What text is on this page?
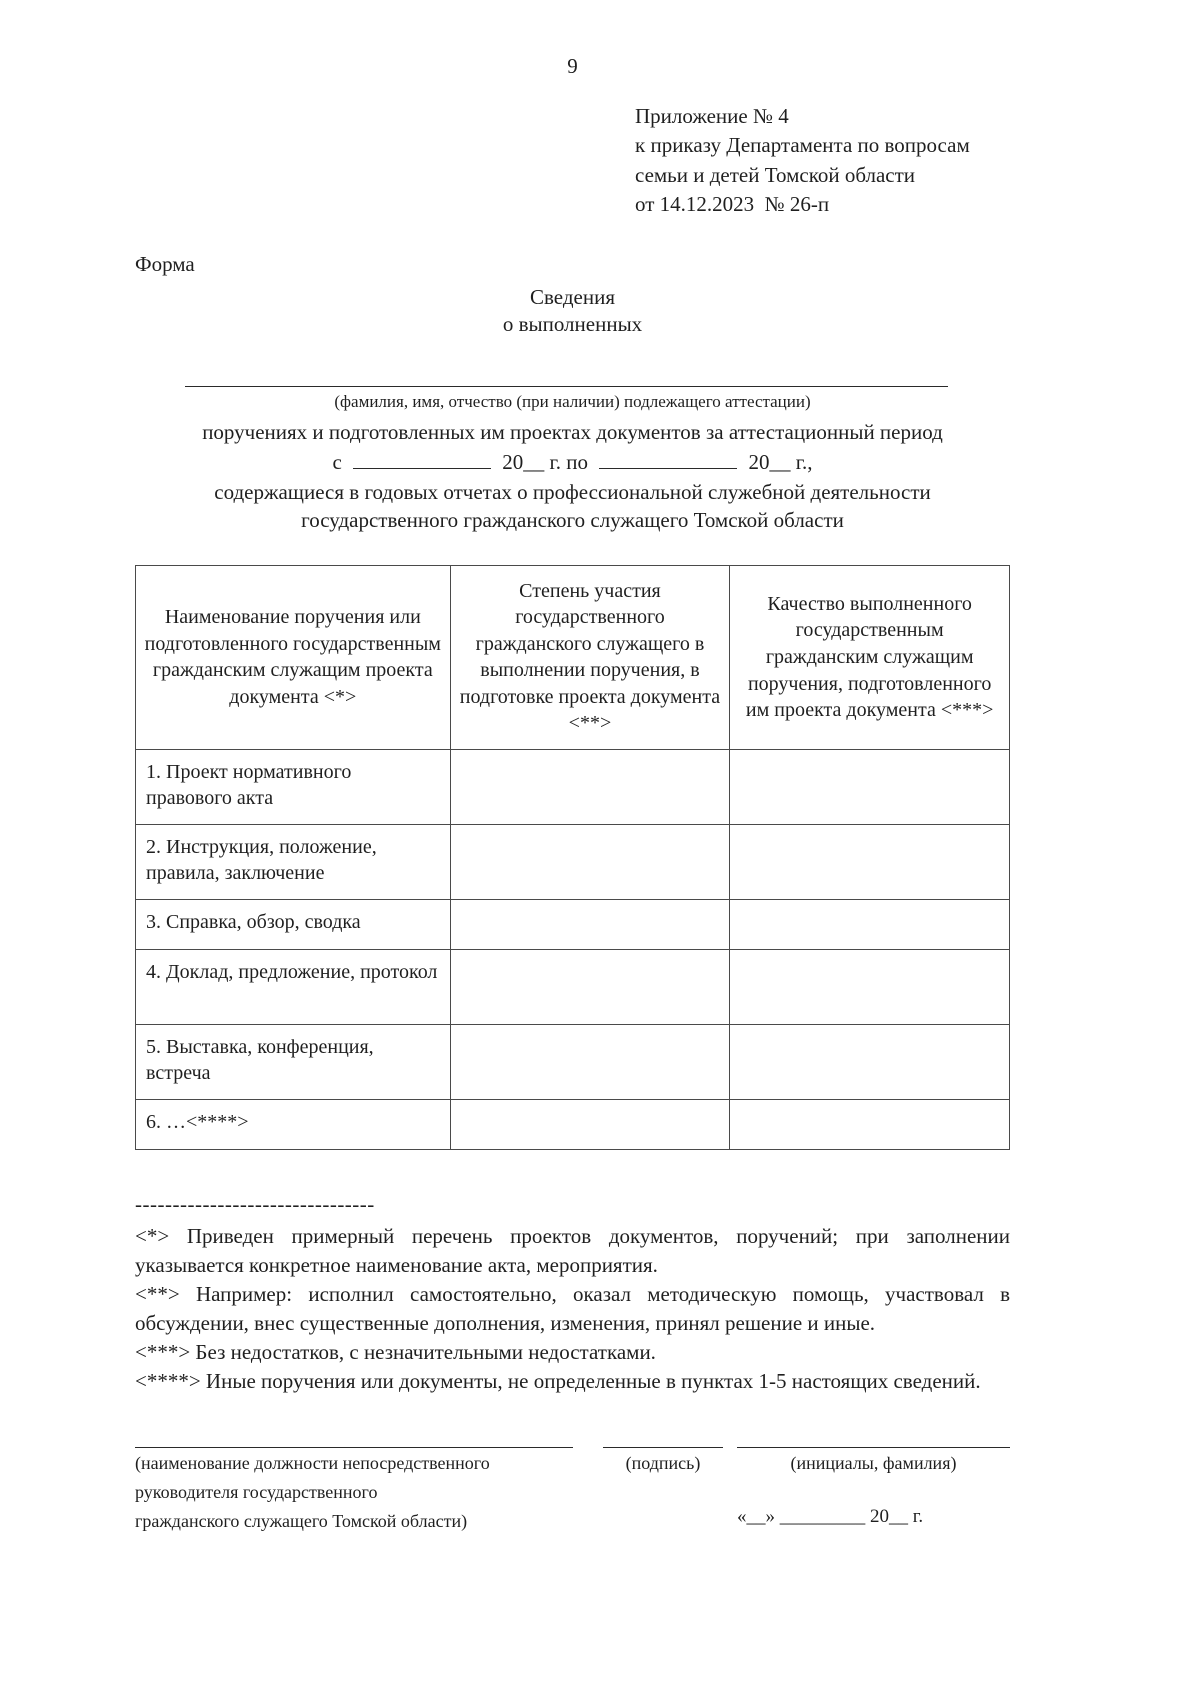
9
Приложение № 4
к приказу Департамента по вопросам
семьи и детей Томской области
от 14.12.2023  № 26-п
Форма
Сведения
о выполненных
(фамилия, имя, отчество (при наличии) подлежащего аттестации)
поручениях и подготовленных им проектах документов за аттестационный период
с	20__ г. по	20__ г.,
содержащиеся в годовых отчетах о профессиональной служебной деятельности
государственного гражданского служащего Томской области
Наименование поручения или подготовленного государственным гражданским служащим проекта документа <*>	Степень участия государственного гражданского служащего в выполнении поручения, в подготовке проекта документа <**>	Качество выполненного государственным гражданским служащим поручения, подготовленного им проекта документа <***>
1. Проект нормативного правового акта		
2. Инструкция, положение, правила, заключение		
3. Справка, обзор, сводка		
4. Доклад, предложение, протокол		
5. Выставка, конференция, встреча		
6. …<****>		
--------------------------------
<*> Приведен примерный перечень проектов документов, поручений; при заполнении указывается конкретное наименование акта, мероприятия.
<**> Например: исполнил самостоятельно, оказал методическую помощь, участвовал в обсуждении, внес существенные дополнения, изменения, принял решение и иные.
<***> Без недостатков, с незначительными недостатками.
<****> Иные поручения или документы, не определенные в пунктах 1-5 настоящих сведений.
(наименование должности непосредственного
руководителя государственного
гражданского служащего Томской области)
(подпись)	(инициалы, фамилия)
«__» _________ 20__ г.
